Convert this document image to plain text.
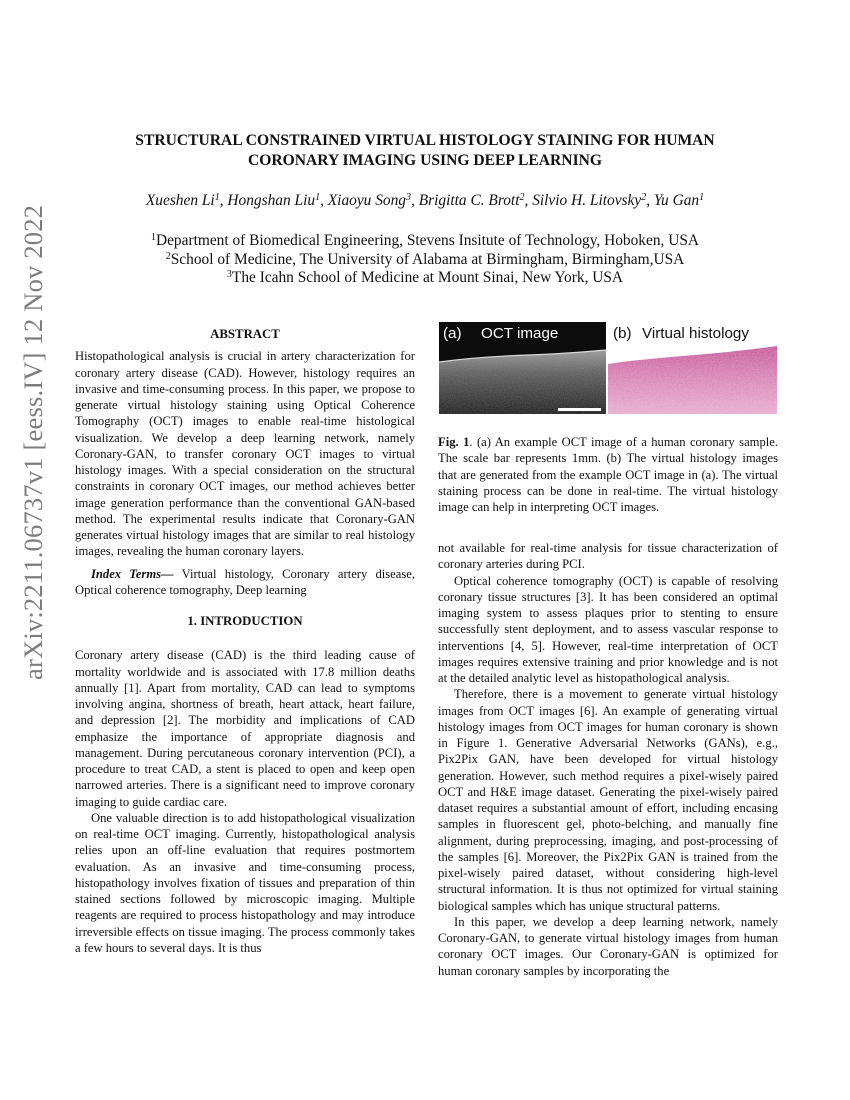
arXiv:2211.06737v1 [eess.IV] 12 Nov 2022
STRUCTURAL CONSTRAINED VIRTUAL HISTOLOGY STAINING FOR HUMAN
CORONARY IMAGING USING DEEP LEARNING
Xueshen Li$^1$, Hongshan Liu$^1$, Xiaoyu Song$^3$, Brigitta C. Brott$^2$, Silvio H. Litovsky$^2$, Yu Gan$^1$
$^1$Department of Biomedical Engineering, Stevens Insitute of Technology, Hoboken, USA
$^2$School of Medicine, The University of Alabama at Birmingham, Birmingham,USA
$^3$The Icahn School of Medicine at Mount Sinai, New York, USA

ABSTRACT

Histopathological analysis is crucial in artery characterization for coronary artery disease (CAD). However, histology requires an invasive and time-consuming process. In this paper, we propose to generate virtual histology staining using Optical Coherence Tomography (OCT) images to enable real-time histological visualization. We develop a deep learning network, namely Coronary-GAN, to transfer coronary OCT images to virtual histology images. With a special consideration on the structural constraints in coronary OCT images, our method achieves better image generation performance than the conventional GAN-based method. The experimental results indicate that Coronary-GAN generates virtual histology images that are similar to real histology images, revealing the human coronary layers.

Index Terms— Virtual histology, Coronary artery disease, Optical coherence tomography, Deep learning

1. INTRODUCTION

Coronary artery disease (CAD) is the third leading cause of mortality worldwide and is associated with 17.8 million deaths annually [1]. Apart from mortality, CAD can lead to symptoms involving angina, shortness of breath, heart attack, heart failure, and depression [2]. The morbidity and implications of CAD emphasize the importance of appropriate diagnosis and management. During percutaneous coronary intervention (PCI), a procedure to treat CAD, a stent is placed to open and keep open narrowed arteries. There is a significant need to improve coronary imaging to guide cardiac care.

One valuable direction is to add histopathological visualization on real-time OCT imaging. Currently, histopathological analysis relies upon an off-line evaluation that requires postmortem evaluation. As an invasive and time-consuming process, histopathology involves fixation of tissues and preparation of thin stained sections followed by microscopic imaging. Multiple reagents are required to process histopathology and may introduce irreversible effects on tissue imaging. The process commonly takes a few hours to several days. It is thus

(a) OCT image	(b) Virtual histology
Fig. 1. (a) An example OCT image of a human coronary sample. The scale bar represents 1mm. (b) The virtual histology images that are generated from the example OCT image in (a). The virtual staining process can be done in real-time. The virtual histology image can help in interpreting OCT images.

not available for real-time analysis for tissue characterization of coronary arteries during PCI.

Optical coherence tomography (OCT) is capable of resolving coronary tissue structures [3]. It has been considered an optimal imaging system to assess plaques prior to stenting to ensure successfully stent deployment, and to assess vascular response to interventions [4, 5]. However, real-time interpretation of OCT images requires extensive training and prior knowledge and is not at the detailed analytic level as histopathological analysis.

Therefore, there is a movement to generate virtual histology images from OCT images [6]. An example of generating virtual histology images from OCT images for human coronary is shown in Figure 1. Generative Adversarial Networks (GANs), e.g., Pix2Pix GAN, have been developed for virtual histology generation. However, such method requires a pixel-wisely paired OCT and H&E image dataset. Generating the pixel-wisely paired dataset requires a substantial amount of effort, including encasing samples in fluorescent gel, photo-belching, and manually fine alignment, during preprocessing, imaging, and post-processing of the samples [6]. Moreover, the Pix2Pix GAN is trained from the pixel-wisely paired dataset, without considering high-level structural information. It is thus not optimized for virtual staining biological samples which has unique structural patterns.

In this paper, we develop a deep learning network, namely Coronary-GAN, to generate virtual histology images from human coronary OCT images. Our Coronary-GAN is optimized for human coronary samples by incorporating the
